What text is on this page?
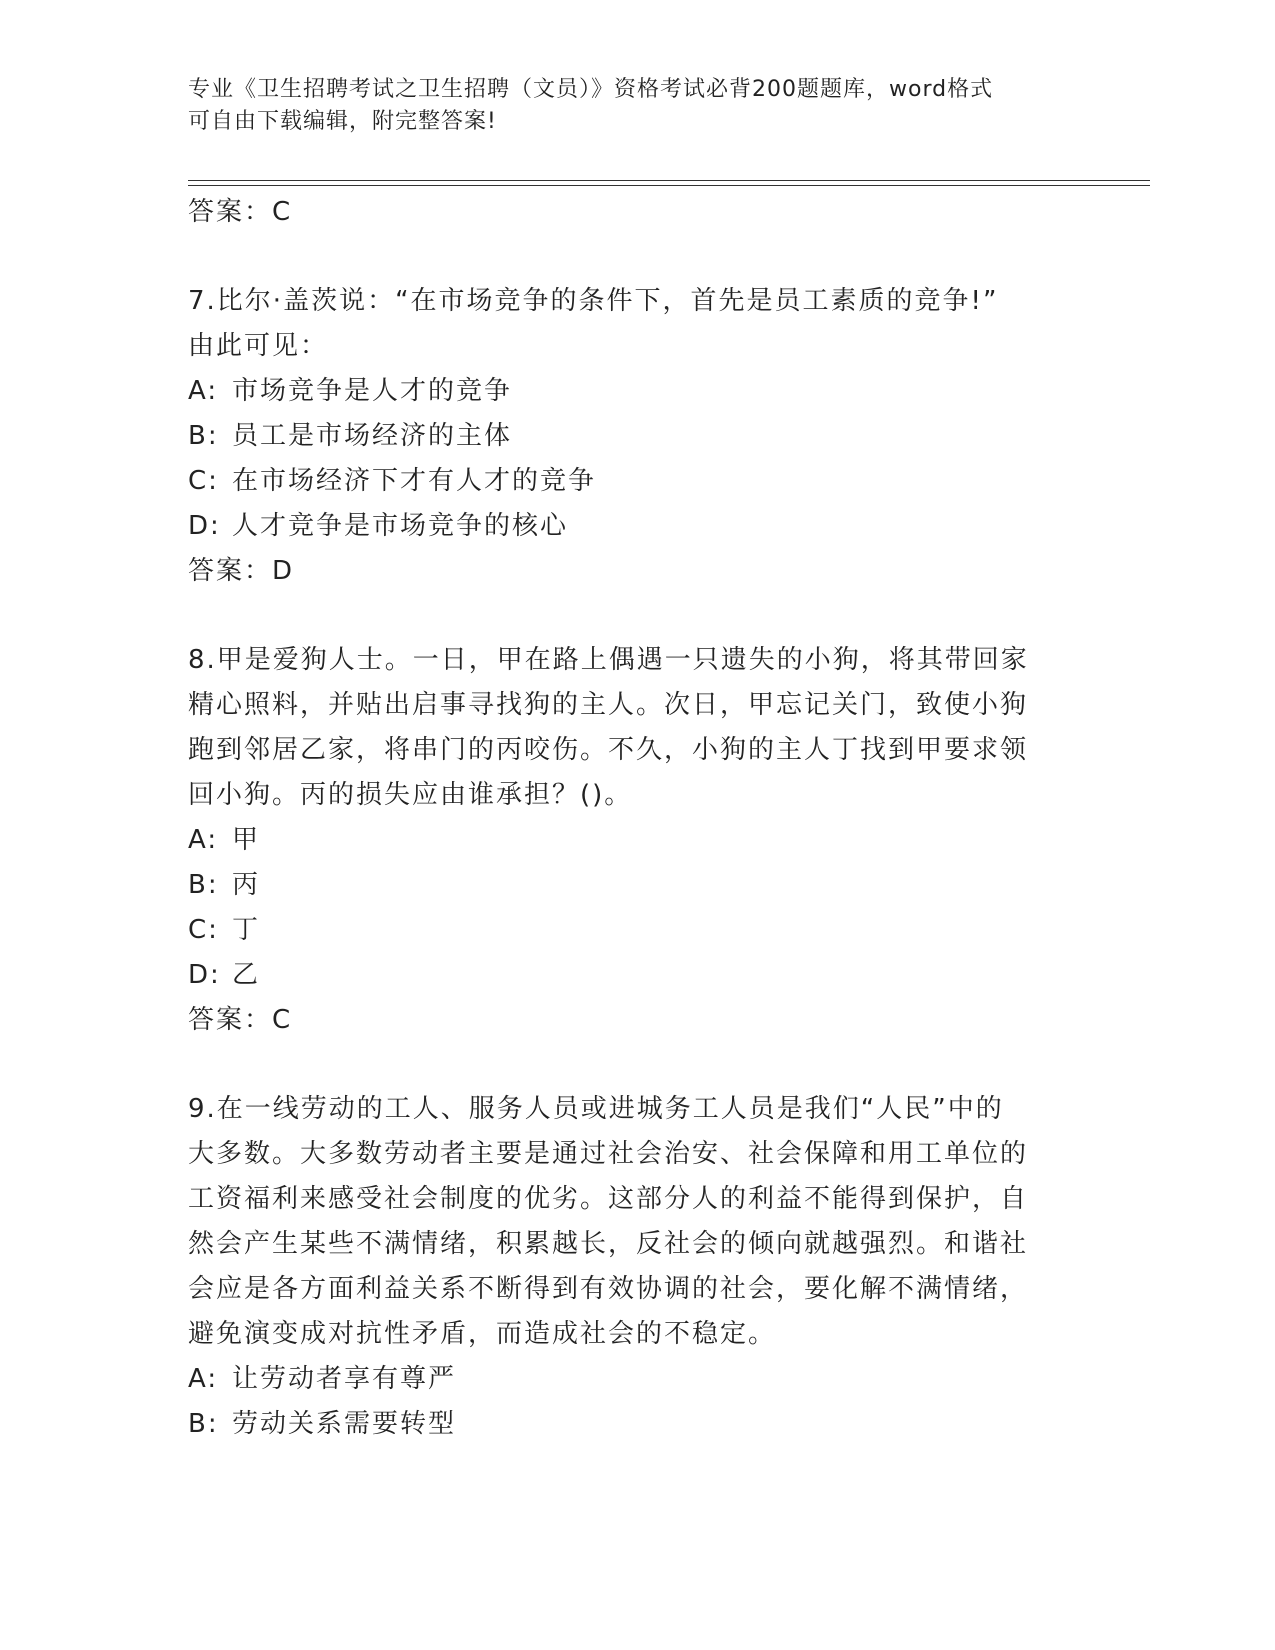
专业《卫生招聘考试之卫生招聘（文员）》资格考试必背200题题库，word格式
可自由下载编辑，附完整答案!
答案：C
7.比尔·盖茨说：“在市场竞争的条件下，首先是员工素质的竞争!”
由此可见：
A: 市场竞争是人才的竞争
B: 员工是市场经济的主体
C: 在市场经济下才有人才的竞争
D: 人才竞争是市场竞争的核心
答案：D
8.甲是爱狗人士。一日，甲在路上偶遇一只遗失的小狗，将其带回家
精心照料，并贴出启事寻找狗的主人。次日，甲忘记关门，致使小狗
跑到邻居乙家，将串门的丙咬伤。不久，小狗的主人丁找到甲要求领
回小狗。丙的损失应由谁承担？()。
A: 甲
B: 丙
C: 丁
D: 乙
答案：C
9.在一线劳动的工人、服务人员或进城务工人员是我们“人民”中的
大多数。大多数劳动者主要是通过社会治安、社会保障和用工单位的
工资福利来感受社会制度的优劣。这部分人的利益不能得到保护，自
然会产生某些不满情绪，积累越长，反社会的倾向就越强烈。和谐社
会应是各方面利益关系不断得到有效协调的社会，要化解不满情绪，
避免演变成对抗性矛盾，而造成社会的不稳定。
A: 让劳动者享有尊严
B: 劳动关系需要转型
